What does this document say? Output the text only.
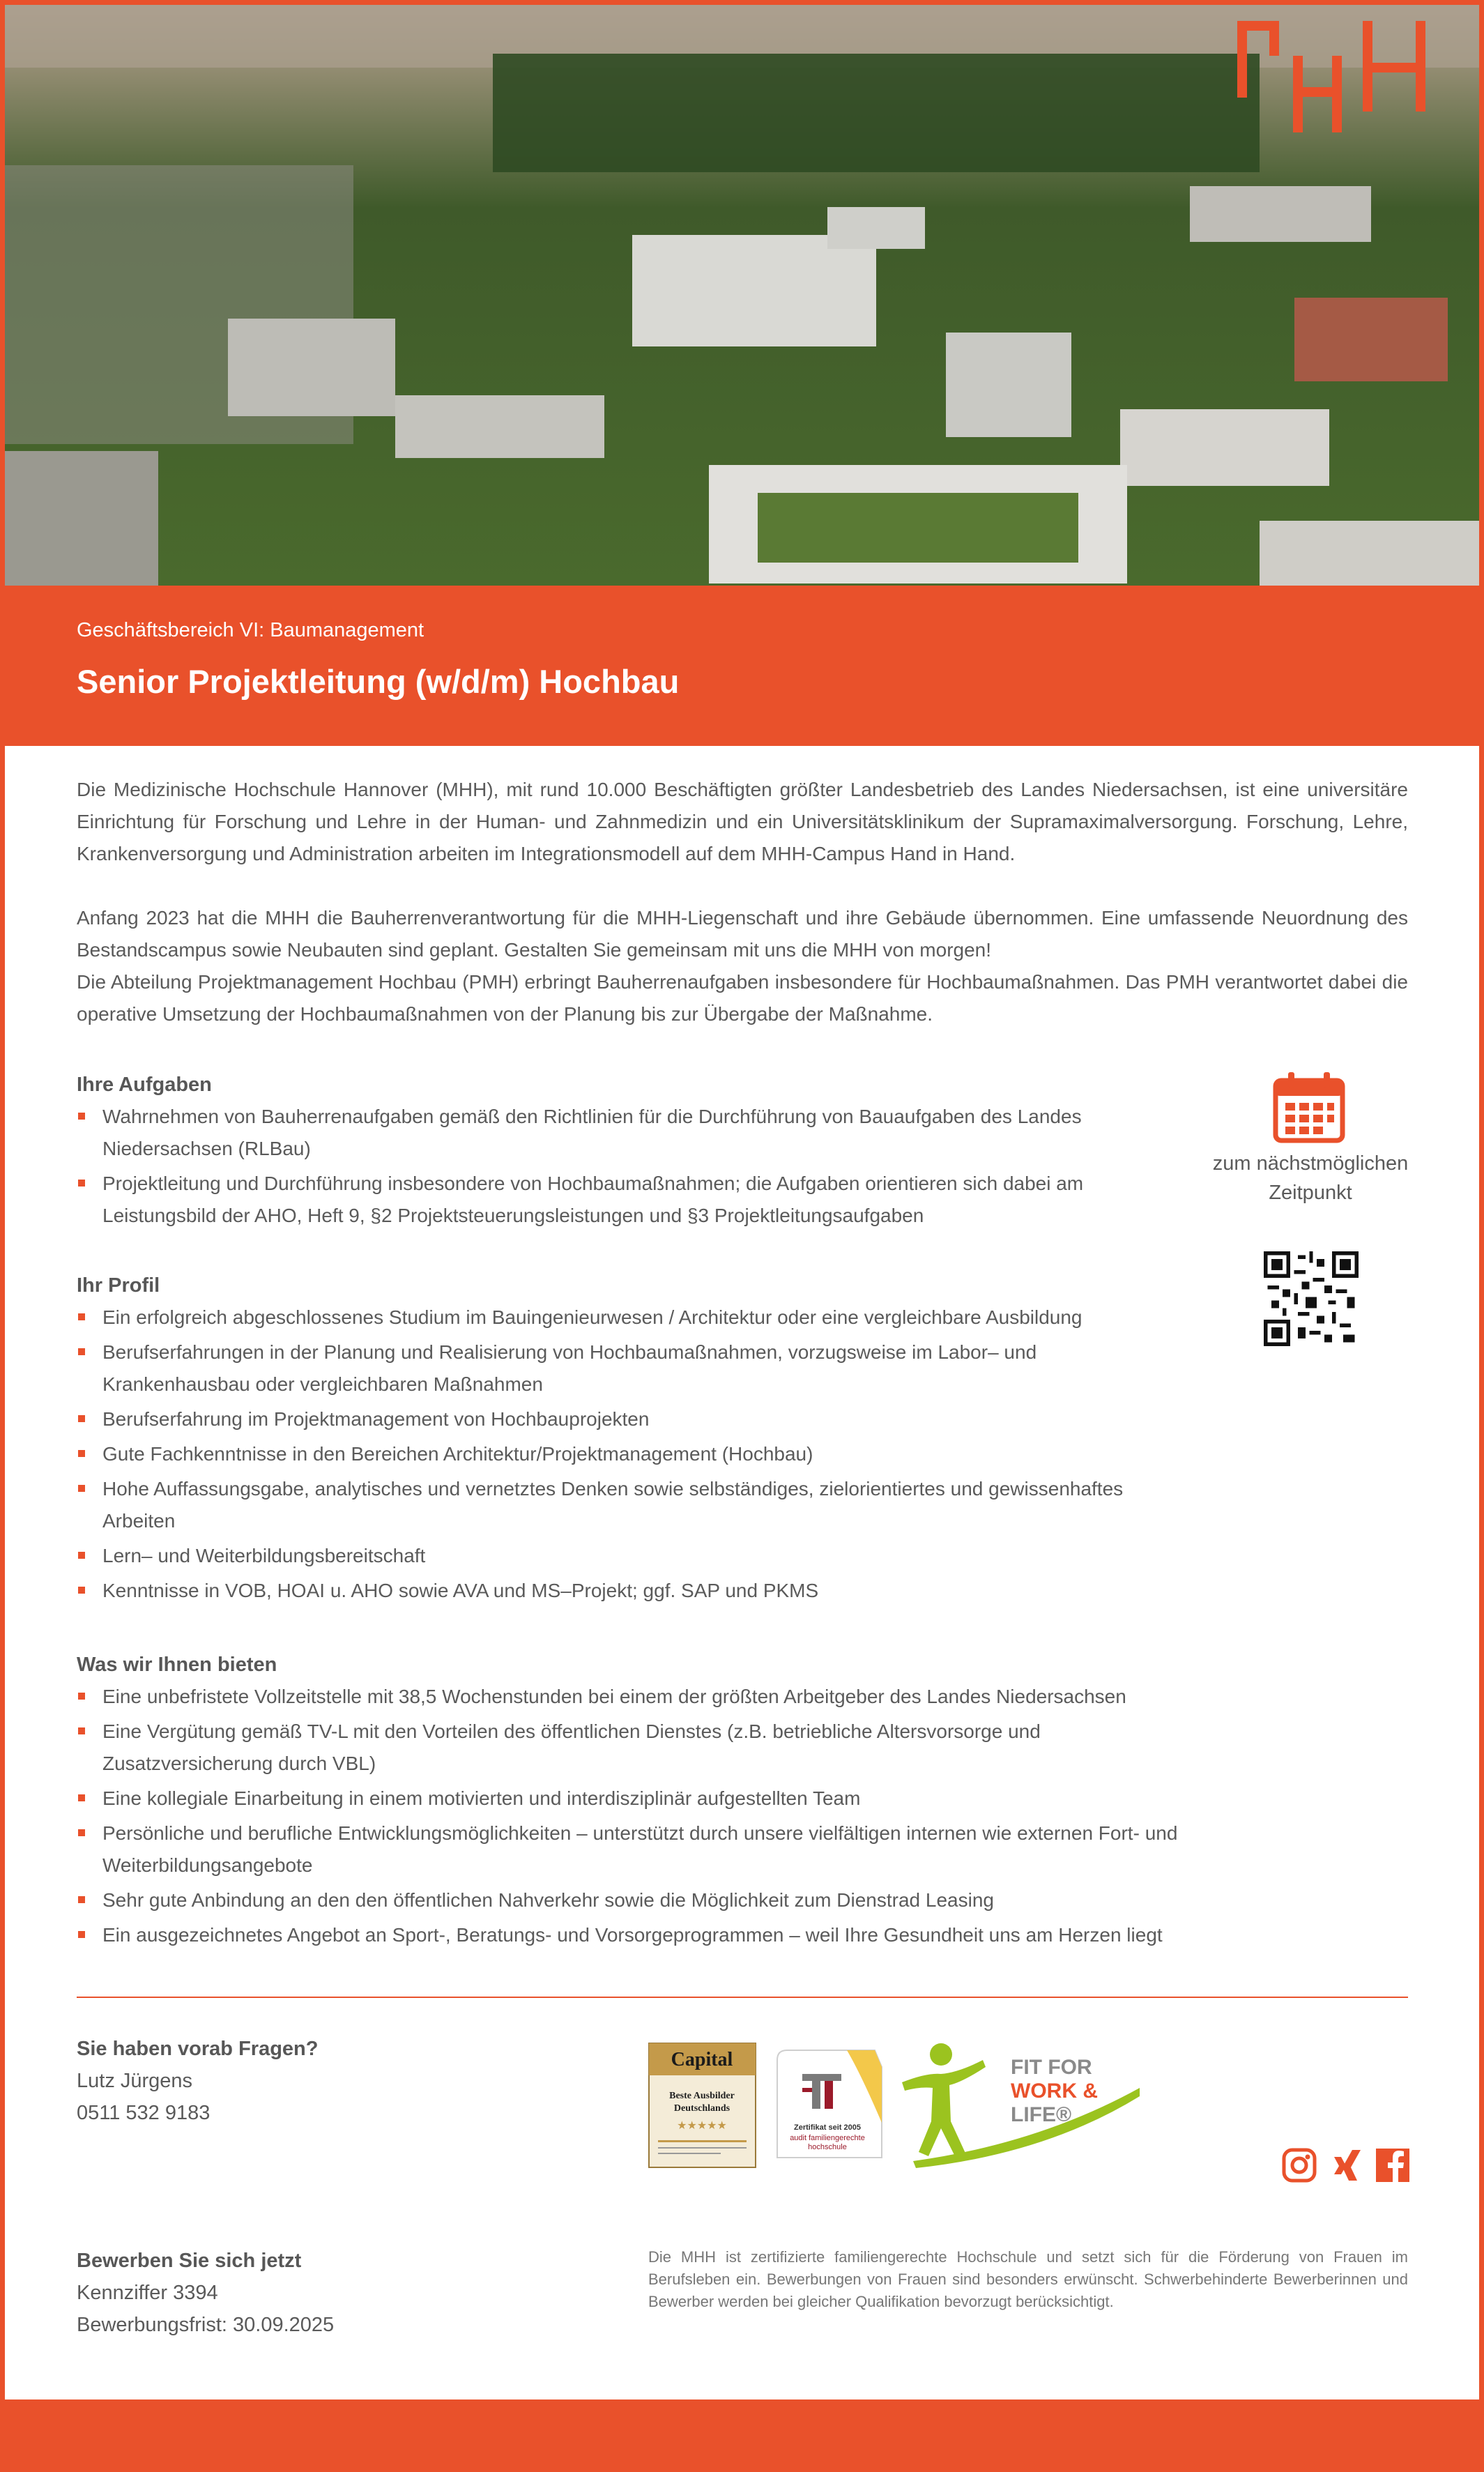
Geschäftsbereich VI: Baumanagement
Senior Projektleitung (w/d/m) Hochbau

Die Medizinische Hochschule Hannover (MHH), mit rund 10.000 Beschäftigten größter Landesbetrieb des Landes Niedersachsen, ist eine universitäre Einrichtung für Forschung und Lehre in der Human- und Zahnmedizin und ein Universitätsklinikum der Supramaximalversorgung. Forschung, Lehre, Krankenversorgung und Administration arbeiten im Integrationsmodell auf dem MHH-Campus Hand in Hand.

Anfang 2023 hat die MHH die Bauherrenverantwortung für die MHH-Liegenschaft und ihre Gebäude übernommen. Eine umfassende Neuordnung des Bestandscampus sowie Neubauten sind geplant. Gestalten Sie gemeinsam mit uns die MHH von morgen!

Die Abteilung Projektmanagement Hochbau (PMH) erbringt Bauherrenaufgaben insbesondere für Hochbaumaßnahmen. Das PMH verantwortet dabei die operative Umsetzung der Hochbaumaßnahmen von der Planung bis zur Übergabe der Maßnahme.

Ihre Aufgaben
Wahrnehmen von Bauherrenaufgaben gemäß den Richtlinien für die Durchführung von Bauaufgaben des Landes Niedersachsen (RLBau)
Projektleitung und Durchführung insbesondere von Hochbaumaßnahmen; die Aufgaben orientieren sich dabei am Leistungsbild der AHO, Heft 9, §2 Projektsteuerungsleistungen und §3 Projektleitungsaufgaben
Ihr Profil
Ein erfolgreich abgeschlossenes Studium im Bauingenieurwesen / Architektur oder eine vergleichbare Ausbildung
Berufserfahrungen in der Planung und Realisierung von Hochbaumaßnahmen, vorzugsweise im Labor– und Krankenhausbau oder vergleichbaren Maßnahmen
Berufserfahrung im Projektmanagement von Hochbauprojekten
Gute Fachkenntnisse in den Bereichen Architektur/Projektmanagement (Hochbau)
Hohe Auffassungsgabe, analytisches und vernetztes Denken sowie selbständiges, zielorientiertes und gewissenhaftes Arbeiten
Lern– und Weiterbildungsbereitschaft
Kenntnisse in VOB, HOAI u. AHO sowie AVA und MS–Projekt; ggf. SAP und PKMS
Was wir Ihnen bieten
Eine unbefristete Vollzeitstelle mit 38,5 Wochenstunden bei einem der größten Arbeitgeber des Landes Niedersachsen
Eine Vergütung gemäß TV-L mit den Vorteilen des öffentlichen Dienstes (z.B. betriebliche Altersvorsorge und Zusatzversicherung durch VBL)
Eine kollegiale Einarbeitung in einem motivierten und interdisziplinär aufgestellten Team
Persönliche und berufliche Entwicklungsmöglichkeiten – unterstützt durch unsere vielfältigen internen wie externen Fort- und Weiterbildungsangebote
Sehr gute Anbindung an den den öffentlichen Nahverkehr sowie die Möglichkeit zum Dienstrad Leasing
Ein ausgezeichnetes Angebot an Sport-, Beratungs- und Vorsorgeprogrammen – weil Ihre Gesundheit uns am Herzen liegt
zum nächstmöglichen
Zeitpunkt
Sie haben vorab Fragen?
Lutz Jürgens
0511 532 9183
Capital
Beste Ausbilder
Deutschlands
★★★★★	Zertifikat seit 2005
audit familiengerechte
hochschule
FIT FOR
WORK &
LIFE®
Bewerben Sie sich jetzt
Kennziffer 3394
Bewerbungsfrist: 30.09.2025
Die MHH ist zertifizierte familiengerechte Hochschule und setzt sich für die Förderung von Frauen im Berufsleben ein. Bewerbungen von Frauen sind besonders erwünscht. Schwerbehinderte Bewerberinnen und Bewerber werden bei gleicher Qualifikation bevorzugt berücksichtigt.
